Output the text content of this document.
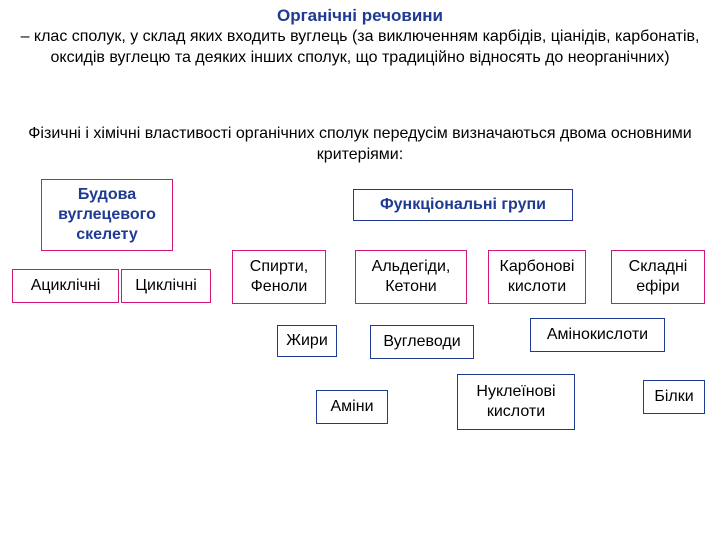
Органічні речовини
– клас сполук, у склад яких входить вуглець (за виключенням карбідів, ціанідів, карбонатів, оксидів вуглецю та деяких інших сполук, що традиційно відносять до неорганічних)
Фізичні і хімічні властивості органічних сполук передусім визначаються двома основними критеріями:
Будова вуглецевого скелету
Ациклічні	Циклічні
Функціональні групи
Спирти, Феноли
Альдегіди, Кетони
Карбонові кислоти
Складні ефіри
Жири	Вуглеводи	Амінокислоти
Аміни
Нуклеїнові кислоти
Білки
